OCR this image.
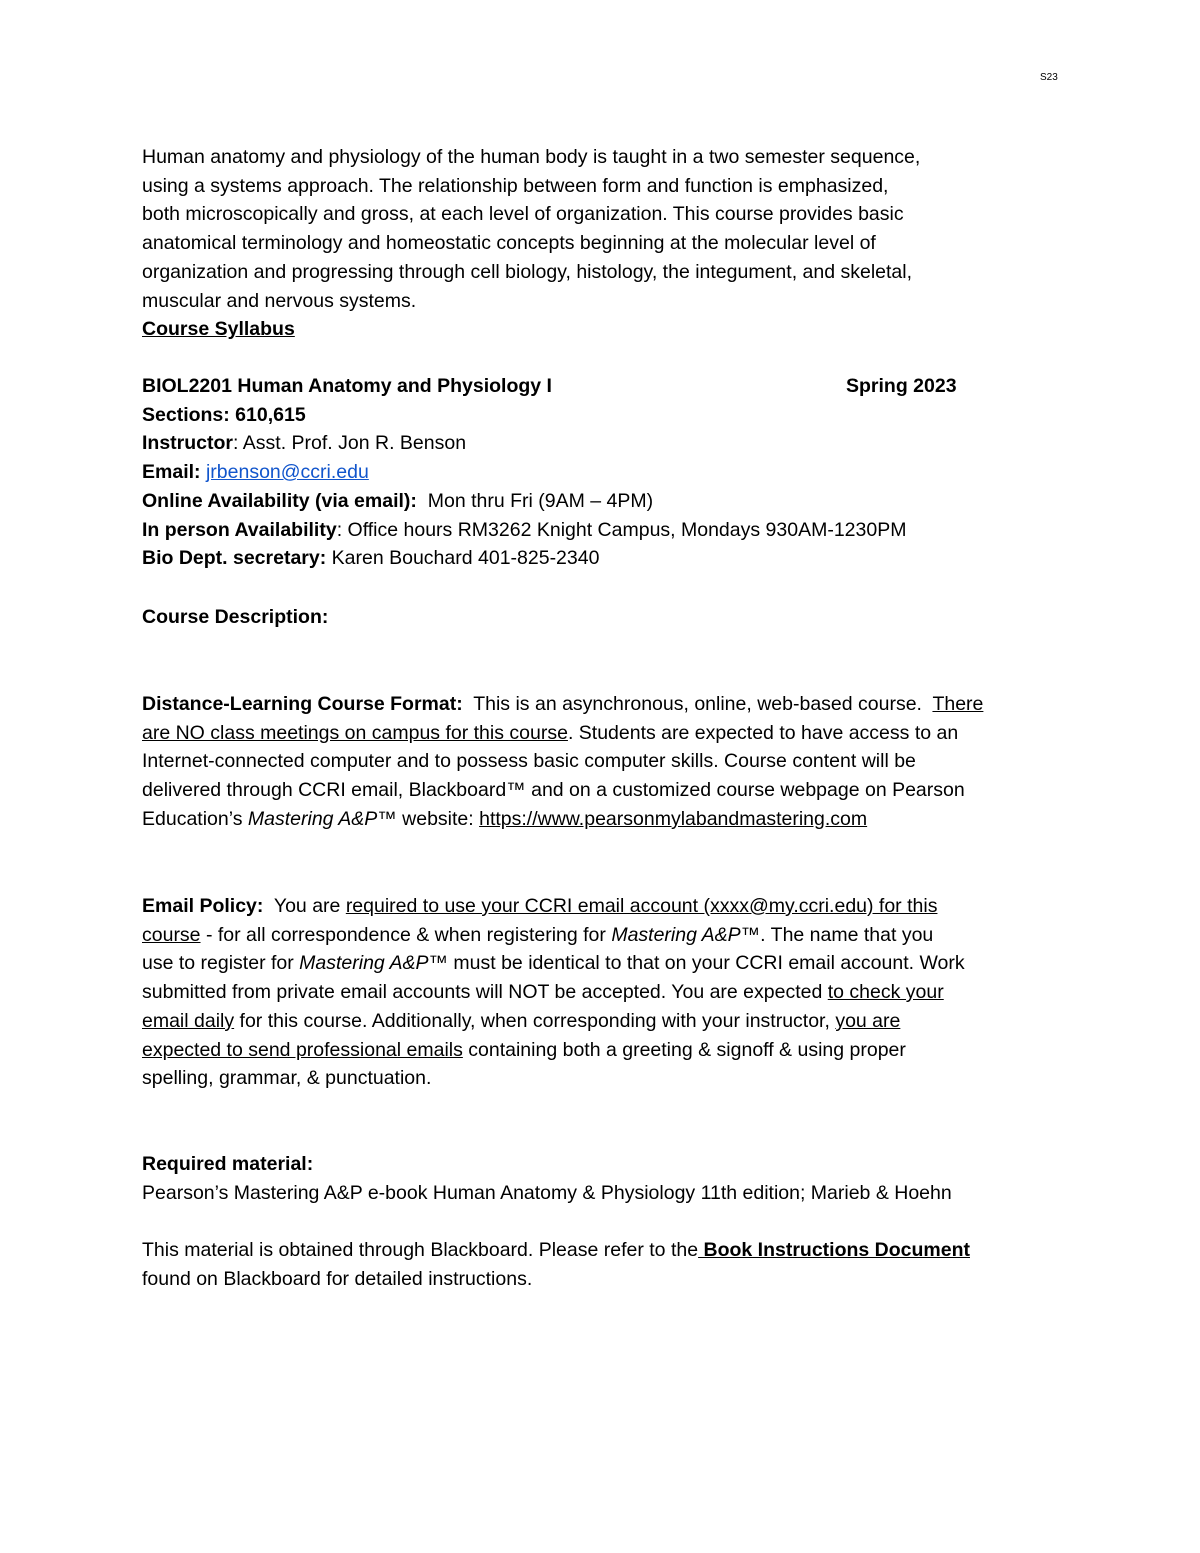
S23

Human anatomy and physiology of the human body is taught in a two semester sequence,

using a systems approach. The relationship between form and function is emphasized,

both microscopically and gross, at each level of organization. This course provides basic

anatomical terminology and homeostatic concepts beginning at the molecular level of

organization and progressing through cell biology, histology, the integument, and skeletal,

muscular and nervous systems.

Course Syllabus

BIOL2201 Human Anatomy and Physiology I	Spring 2023

Sections: 610,615

Instructor: Asst. Prof. Jon R. Benson

Email: jrbenson@ccri.edu

Online Availability (via email): Mon thru Fri (9AM – 4PM)

In person Availability: Office hours RM3262 Knight Campus, Mondays 930AM-1230PM

Bio Dept. secretary: Karen Bouchard 401-825-2340

Course Description:

Distance-Learning Course Format: This is an asynchronous, online, web-based course. There

are NO class meetings on campus for this course. Students are expected to have access to an

Internet-connected computer and to possess basic computer skills. Course content will be

delivered through CCRI email, Blackboard™ and on a customized course webpage on Pearson

Education’s Mastering A&P™ website: https://www.pearsonmylabandmastering.com

Email Policy: You are required to use your CCRI email account (xxxx@my.ccri.edu) for this

course - for all correspondence & when registering for Mastering A&P™. The name that you

use to register for Mastering A&P™ must be identical to that on your CCRI email account. Work

submitted from private email accounts will NOT be accepted. You are expected to check your

email daily for this course. Additionally, when corresponding with your instructor, you are

expected to send professional emails containing both a greeting & signoff & using proper

spelling, grammar, & punctuation.

Required material:

Pearson’s Mastering A&P e-book Human Anatomy & Physiology 11th edition; Marieb & Hoehn

This material is obtained through Blackboard. Please refer to the Book Instructions Document

found on Blackboard for detailed instructions.
